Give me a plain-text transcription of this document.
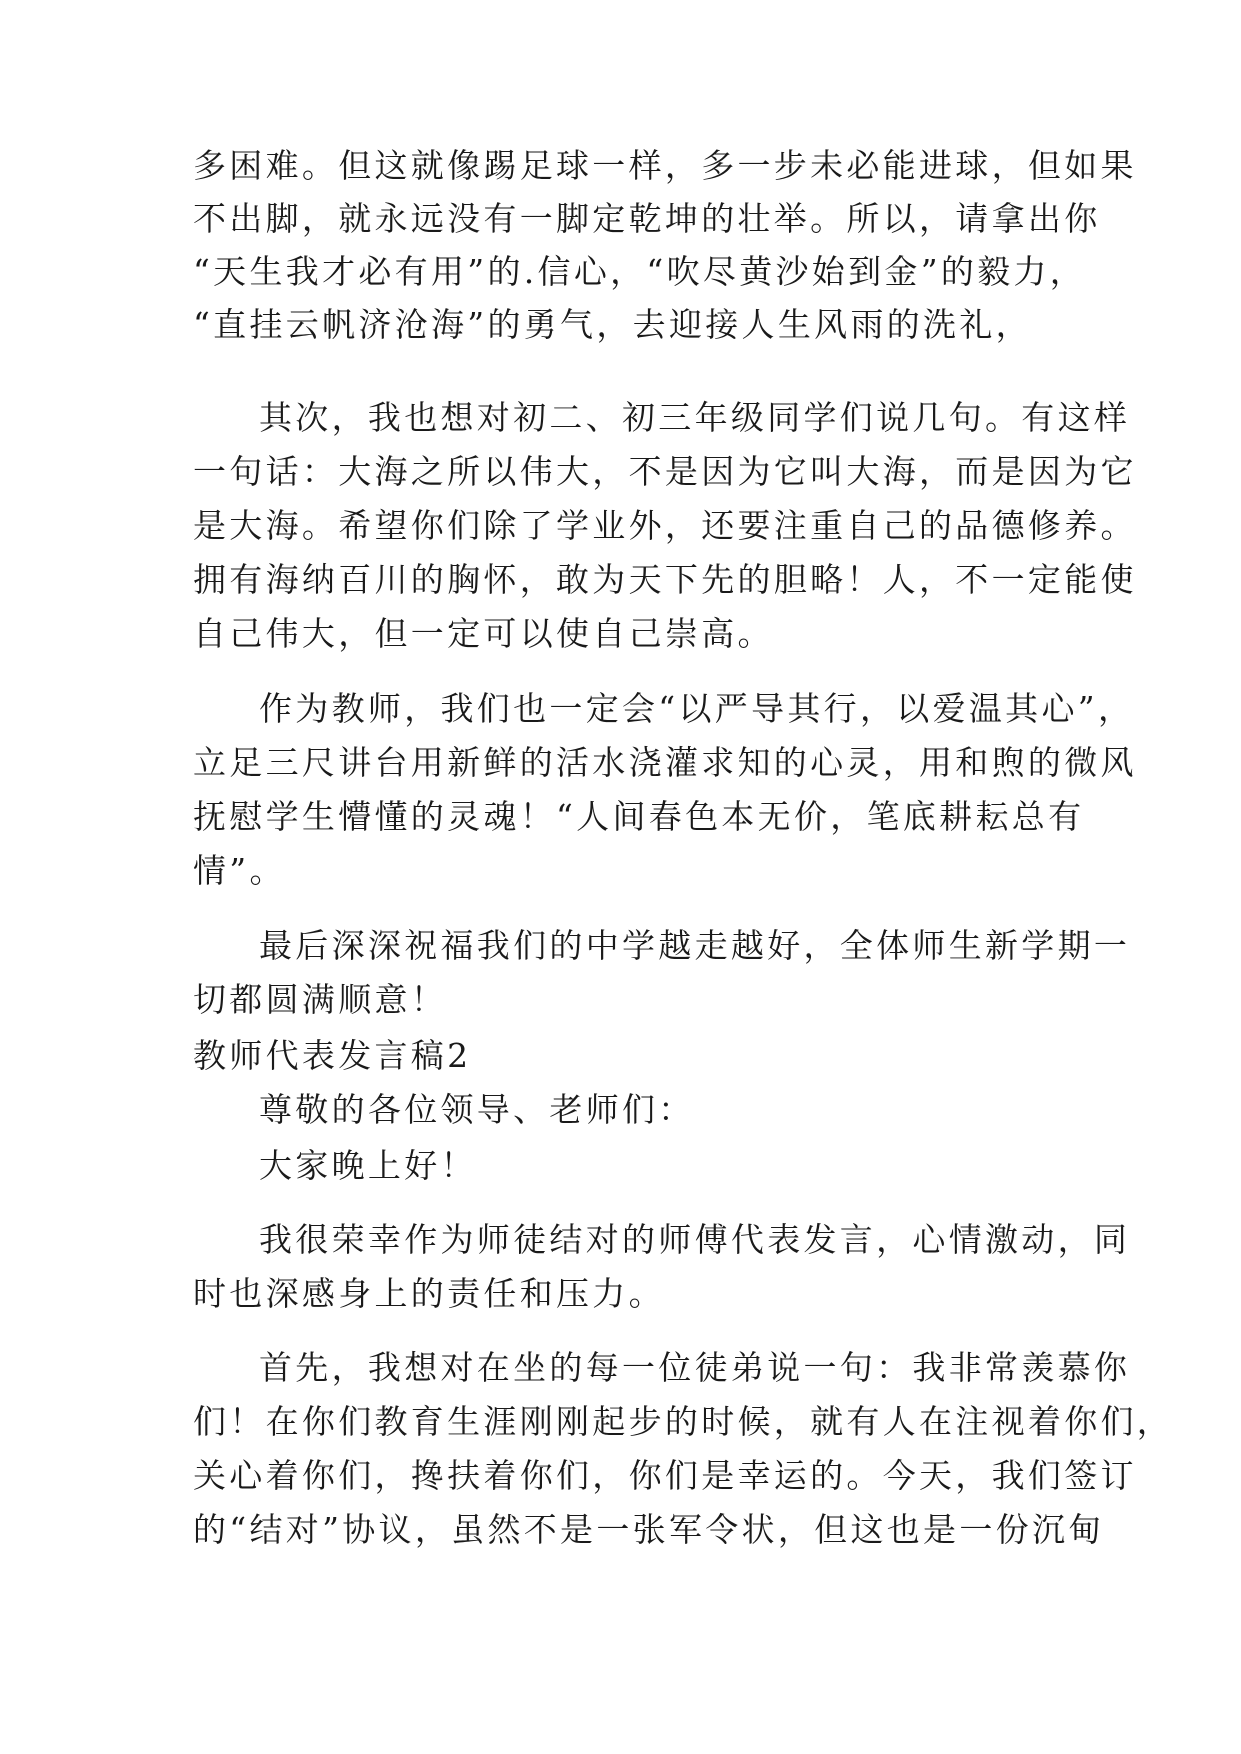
多困难。但这就像踢足球一样，多一步未必能进球，但如果
不出脚，就永远没有一脚定乾坤的壮举。所以，请拿出你
“天生我才必有用”的.信心，“吹尽黄沙始到金”的毅力，
“直挂云帆济沧海”的勇气，去迎接人生风雨的洗礼，
其次，我也想对初二、初三年级同学们说几句。有这样
一句话：大海之所以伟大，不是因为它叫大海，而是因为它
是大海。希望你们除了学业外，还要注重自己的品德修养。
拥有海纳百川的胸怀，敢为天下先的胆略！人，不一定能使
自己伟大，但一定可以使自己崇高。
作为教师，我们也一定会“以严导其行，以爱温其心”，
立足三尺讲台用新鲜的活水浇灌求知的心灵，用和煦的微风
抚慰学生懵懂的灵魂！“人间春色本无价，笔底耕耘总有
情”。
最后深深祝福我们的中学越走越好，全体师生新学期一
切都圆满顺意！
教师代表发言稿2
尊敬的各位领导、老师们：
大家晚上好！
我很荣幸作为师徒结对的师傅代表发言，心情激动，同
时也深感身上的责任和压力。
首先，我想对在坐的每一位徒弟说一句：我非常羡慕你
们！在你们教育生涯刚刚起步的时候，就有人在注视着你们，
关心着你们，搀扶着你们，你们是幸运的。今天，我们签订
的“结对”协议，虽然不是一张军令状，但这也是一份沉甸
